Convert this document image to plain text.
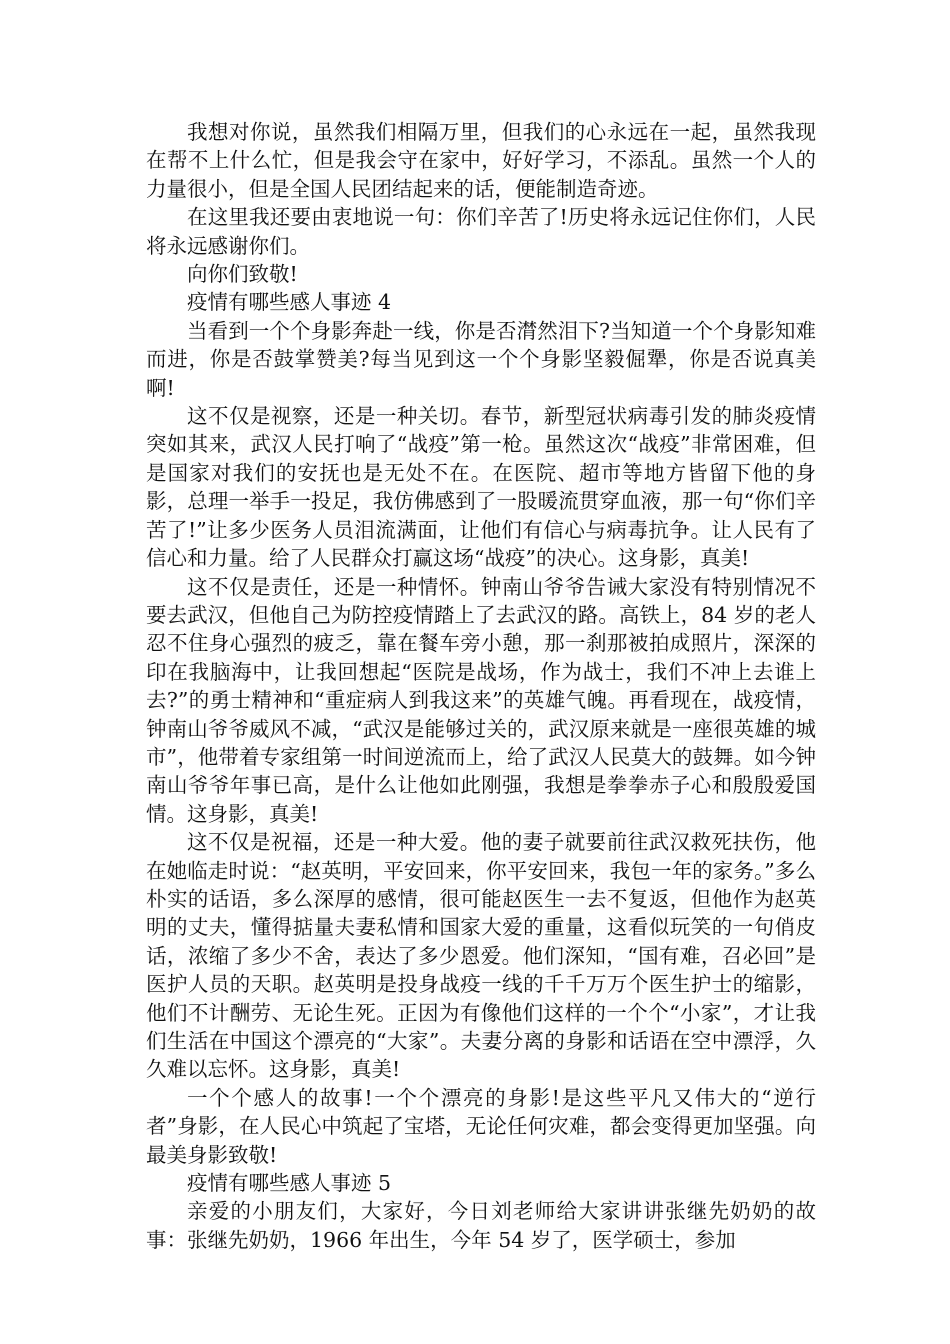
我想对你说，虽然我们相隔万里，但我们的心永远在一起，虽然我现在帮不上什么忙，但是我会守在家中，好好学习，不添乱。虽然一个人的力量很小，但是全国人民团结起来的话，便能制造奇迹。

在这里我还要由衷地说一句：你们辛苦了!历史将永远记住你们，人民将永远感谢你们。

向你们致敬!

疫情有哪些感人事迹 4

当看到一个个身影奔赴一线，你是否潸然泪下?当知道一个个身影知难而进，你是否鼓掌赞美?每当见到这一个个身影坚毅倔犟，你是否说真美啊!

这不仅是视察，还是一种关切。春节，新型冠状病毒引发的肺炎疫情突如其来，武汉人民打响了“战疫”第一枪。虽然这次“战疫”非常困难，但是国家对我们的安抚也是无处不在。在医院、超市等地方皆留下他的身影，总理一举手一投足，我仿佛感到了一股暖流贯穿血液，那一句“你们辛苦了!”让多少医务人员泪流满面，让他们有信心与病毒抗争。让人民有了信心和力量。给了人民群众打赢这场“战疫”的决心。这身影，真美!

这不仅是责任，还是一种情怀。钟南山爷爷告诫大家没有特别情况不要去武汉，但他自己为防控疫情踏上了去武汉的路。高铁上，84 岁的老人忍不住身心强烈的疲乏，靠在餐车旁小憩，那一刹那被拍成照片，深深的印在我脑海中，让我回想起“医院是战场，作为战士，我们不冲上去谁上去?”的勇士精神和“重症病人到我这来”的英雄气魄。再看现在，战疫情，钟南山爷爷威风不减，“武汉是能够过关的，武汉原来就是一座很英雄的城市”，他带着专家组第一时间逆流而上，给了武汉人民莫大的鼓舞。如今钟南山爷爷年事已高，是什么让他如此刚强，我想是拳拳赤子心和殷殷爱国情。这身影，真美!

这不仅是祝福，还是一种大爱。他的妻子就要前往武汉救死扶伤，他在她临走时说：“赵英明，平安回来，你平安回来，我包一年的家务。”多么朴实的话语，多么深厚的感情，很可能赵医生一去不复返，但他作为赵英明的丈夫，懂得掂量夫妻私情和国家大爱的重量，这看似玩笑的一句俏皮话，浓缩了多少不舍，表达了多少恩爱。他们深知，“国有难，召必回”是医护人员的天职。赵英明是投身战疫一线的千千万万个医生护士的缩影，他们不计酬劳、无论生死。正因为有像他们这样的一个个“小家”，才让我们生活在中国这个漂亮的“大家”。夫妻分离的身影和话语在空中漂浮，久久难以忘怀。这身影，真美!

一个个感人的故事!一个个漂亮的身影!是这些平凡又伟大的“逆行者”身影，在人民心中筑起了宝塔，无论任何灾难，都会变得更加坚强。向最美身影致敬!

疫情有哪些感人事迹 5

亲爱的小朋友们，大家好，今日刘老师给大家讲讲张继先奶奶的故事：张继先奶奶，1966 年出生，今年 54 岁了，医学硕士，参加
